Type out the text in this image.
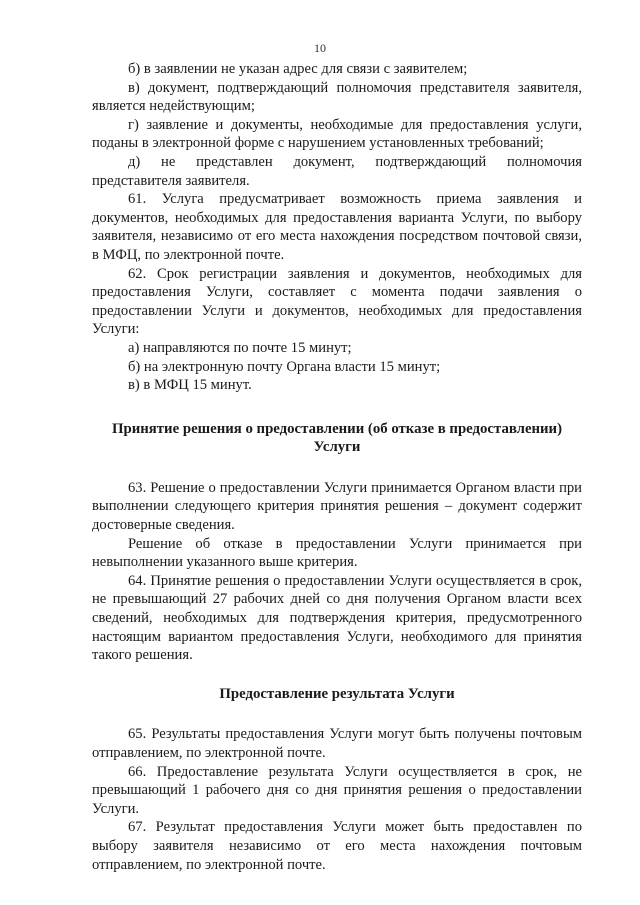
10

б) в заявлении не указан адрес для связи с заявителем;

в) документ, подтверждающий полномочия представителя заявителя, является недействующим;

г) заявление и документы, необходимые для предоставления услуги, поданы в электронной форме с нарушением установленных требований;

д) не представлен документ, подтверждающий полномочия представителя заявителя.

61. Услуга предусматривает возможность приема заявления и документов, необходимых для предоставления варианта Услуги, по выбору заявителя, независимо от его места нахождения посредством почтовой связи, в МФЦ, по электронной почте.

62. Срок регистрации заявления и документов, необходимых для предоставления Услуги, составляет с момента подачи заявления о предоставлении Услуги и документов, необходимых для предоставления Услуги:

а) направляются по почте 15 минут;

б) на электронную почту Органа власти 15 минут;

в) в МФЦ 15 минут.

Принятие решения о предоставлении (об отказе в предоставлении) Услуги

63. Решение о предоставлении Услуги принимается Органом власти при выполнении следующего критерия принятия решения – документ содержит достоверные сведения.

Решение об отказе в предоставлении Услуги принимается при невыполнении указанного выше критерия.

64. Принятие решения о предоставлении Услуги осуществляется в срок, не превышающий 27 рабочих дней со дня получения Органом власти всех сведений, необходимых для подтверждения критерия, предусмотренного настоящим вариантом предоставления Услуги, необходимого для принятия такого решения.

Предоставление результата Услуги

65. Результаты предоставления Услуги могут быть получены почтовым отправлением, по электронной почте.

66. Предоставление результата Услуги осуществляется в срок, не превышающий 1 рабочего дня со дня принятия решения о предоставлении Услуги.

67. Результат предоставления Услуги может быть предоставлен по выбору заявителя независимо от его места нахождения почтовым отправлением, по электронной почте.
